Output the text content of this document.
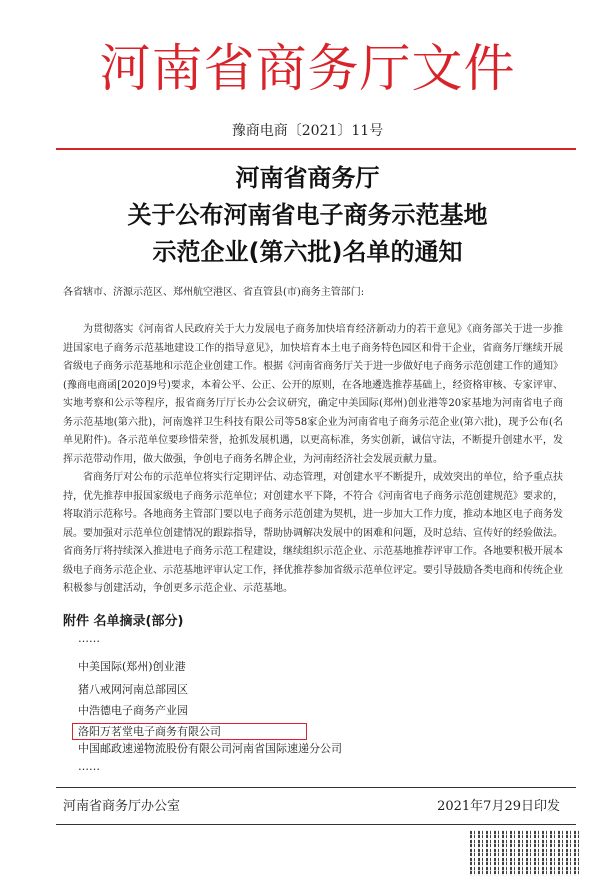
河南省商务厅文件
豫商电商〔2021〕11号
河南省商务厅
关于公布河南省电子商务示范基地
示范企业(第六批)名单的通知
各省辖市、济源示范区、郑州航空港区、省直管县(市)商务主管部门:
为贯彻落实《河南省人民政府关于大力发展电子商务加快培育经济新动力的若干意见》《商务部关于进一步推进国家电子商务示范基地建设工作的指导意见》，加快培育本土电子商务特色园区和骨干企业，省商务厅继续开展省级电子商务示范基地和示范企业创建工作。根据《河南省商务厅关于进一步做好电子商务示范创建工作的通知》(豫商电商函[2020]9号)要求，本着公平、公正、公开的原则，在各地遴选推荐基础上，经资格审核、专家评审、实地考察和公示等程序，报省商务厅厅长办公会议研究，确定中美国际(郑州)创业港等20家基地为河南省电子商务示范基地(第六批)，河南逸祥卫生科技有限公司等58家企业为河南省电子商务示范企业(第六批)，现予公布(名单见附件)。各示范单位要珍惜荣誉，抢抓发展机遇，以更高标准，务实创新，诚信守法，不断提升创建水平，发挥示范带动作用，做大做强，争创电子商务名牌企业，为河南经济社会发展贡献力量。
省商务厅对公布的示范单位将实行定期评估、动态管理，对创建水平不断提升，成效突出的单位，给予重点扶持，优先推荐申报国家级电子商务示范单位；对创建水平下降，不符合《河南省电子商务示范创建规范》要求的，将取消示范称号。各地商务主管部门要以电子商务示范创建为契机，进一步加大工作力度，推动本地区电子商务发展。要加强对示范单位创建情况的跟踪指导，帮助协调解决发展中的困难和问题，及时总结、宣传好的经验做法。省商务厅将持续深入推进电子商务示范工程建设，继续组织示范企业、示范基地推荐评审工作。各地要积极开展本级电子商务示范企业、示范基地评审认定工作，择优推荐参加省级示范单位评定。要引导鼓励各类电商和传统企业积极参与创建活动，争创更多示范企业、示范基地。
附件 名单摘录(部分)
……
中美国际(郑州)创业港
猪八戒网河南总部园区
中浩德电子商务产业园
洛阳万茗堂电子商务有限公司
中国邮政速递物流股份有限公司河南省国际速递分公司
……
河南省商务厅办公室	2021年7月29日印发
